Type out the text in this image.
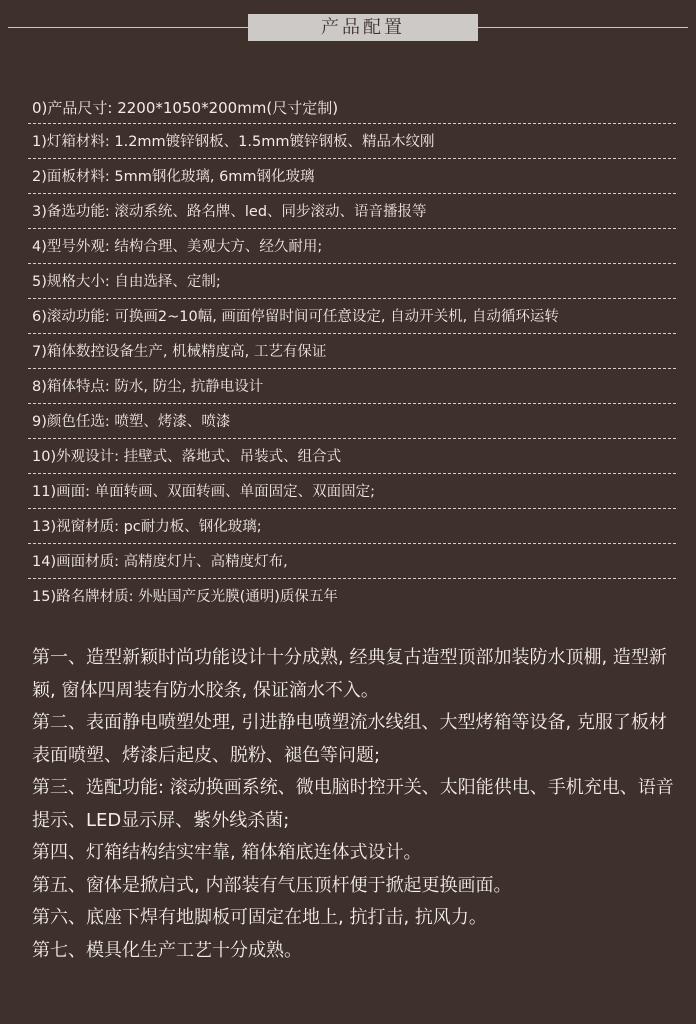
产品配置
0)产品尺寸: 2200*1050*200mm(尺寸定制)
1)灯箱材料: 1.2mm镀锌钢板、1.5mm镀锌钢板、精品木纹刚
2)面板材料: 5mm钢化玻璃, 6mm钢化玻璃
3)备选功能: 滚动系统、路名牌、led、同步滚动、语音播报等
4)型号外观: 结构合理、美观大方、经久耐用;
5)规格大小: 自由选择、定制;
6)滚动功能: 可换画2~10幅, 画面停留时间可任意设定, 自动开关机, 自动循环运转
7)箱体数控设备生产, 机械精度高, 工艺有保证
8)箱体特点: 防水, 防尘, 抗静电设计
9)颜色任选: 喷塑、烤漆、喷漆
10)外观设计: 挂壁式、落地式、吊装式、组合式
11)画面: 单面转画、双面转画、单面固定、双面固定;
13)视窗材质: pc耐力板、钢化玻璃;
14)画面材质: 高精度灯片、高精度灯布,
15)路名牌材质: 外贴国产反光膜(通明)质保五年
第一、造型新颖时尚功能设计十分成熟, 经典复古造型顶部加装防水顶棚, 造型新颖, 窗体四周装有防水胶条, 保证滴水不入。
第二、表面静电喷塑处理, 引进静电喷塑流水线组、大型烤箱等设备, 克服了板材表面喷塑、烤漆后起皮、脱粉、褪色等问题;
第三、选配功能: 滚动换画系统、微电脑时控开关、太阳能供电、手机充电、语音提示、LED显示屏、紫外线杀菌;
第四、灯箱结构结实牢靠, 箱体箱底连体式设计。
第五、窗体是掀启式, 内部装有气压顶杆便于掀起更换画面。
第六、底座下焊有地脚板可固定在地上, 抗打击, 抗风力。
第七、模具化生产工艺十分成熟。
